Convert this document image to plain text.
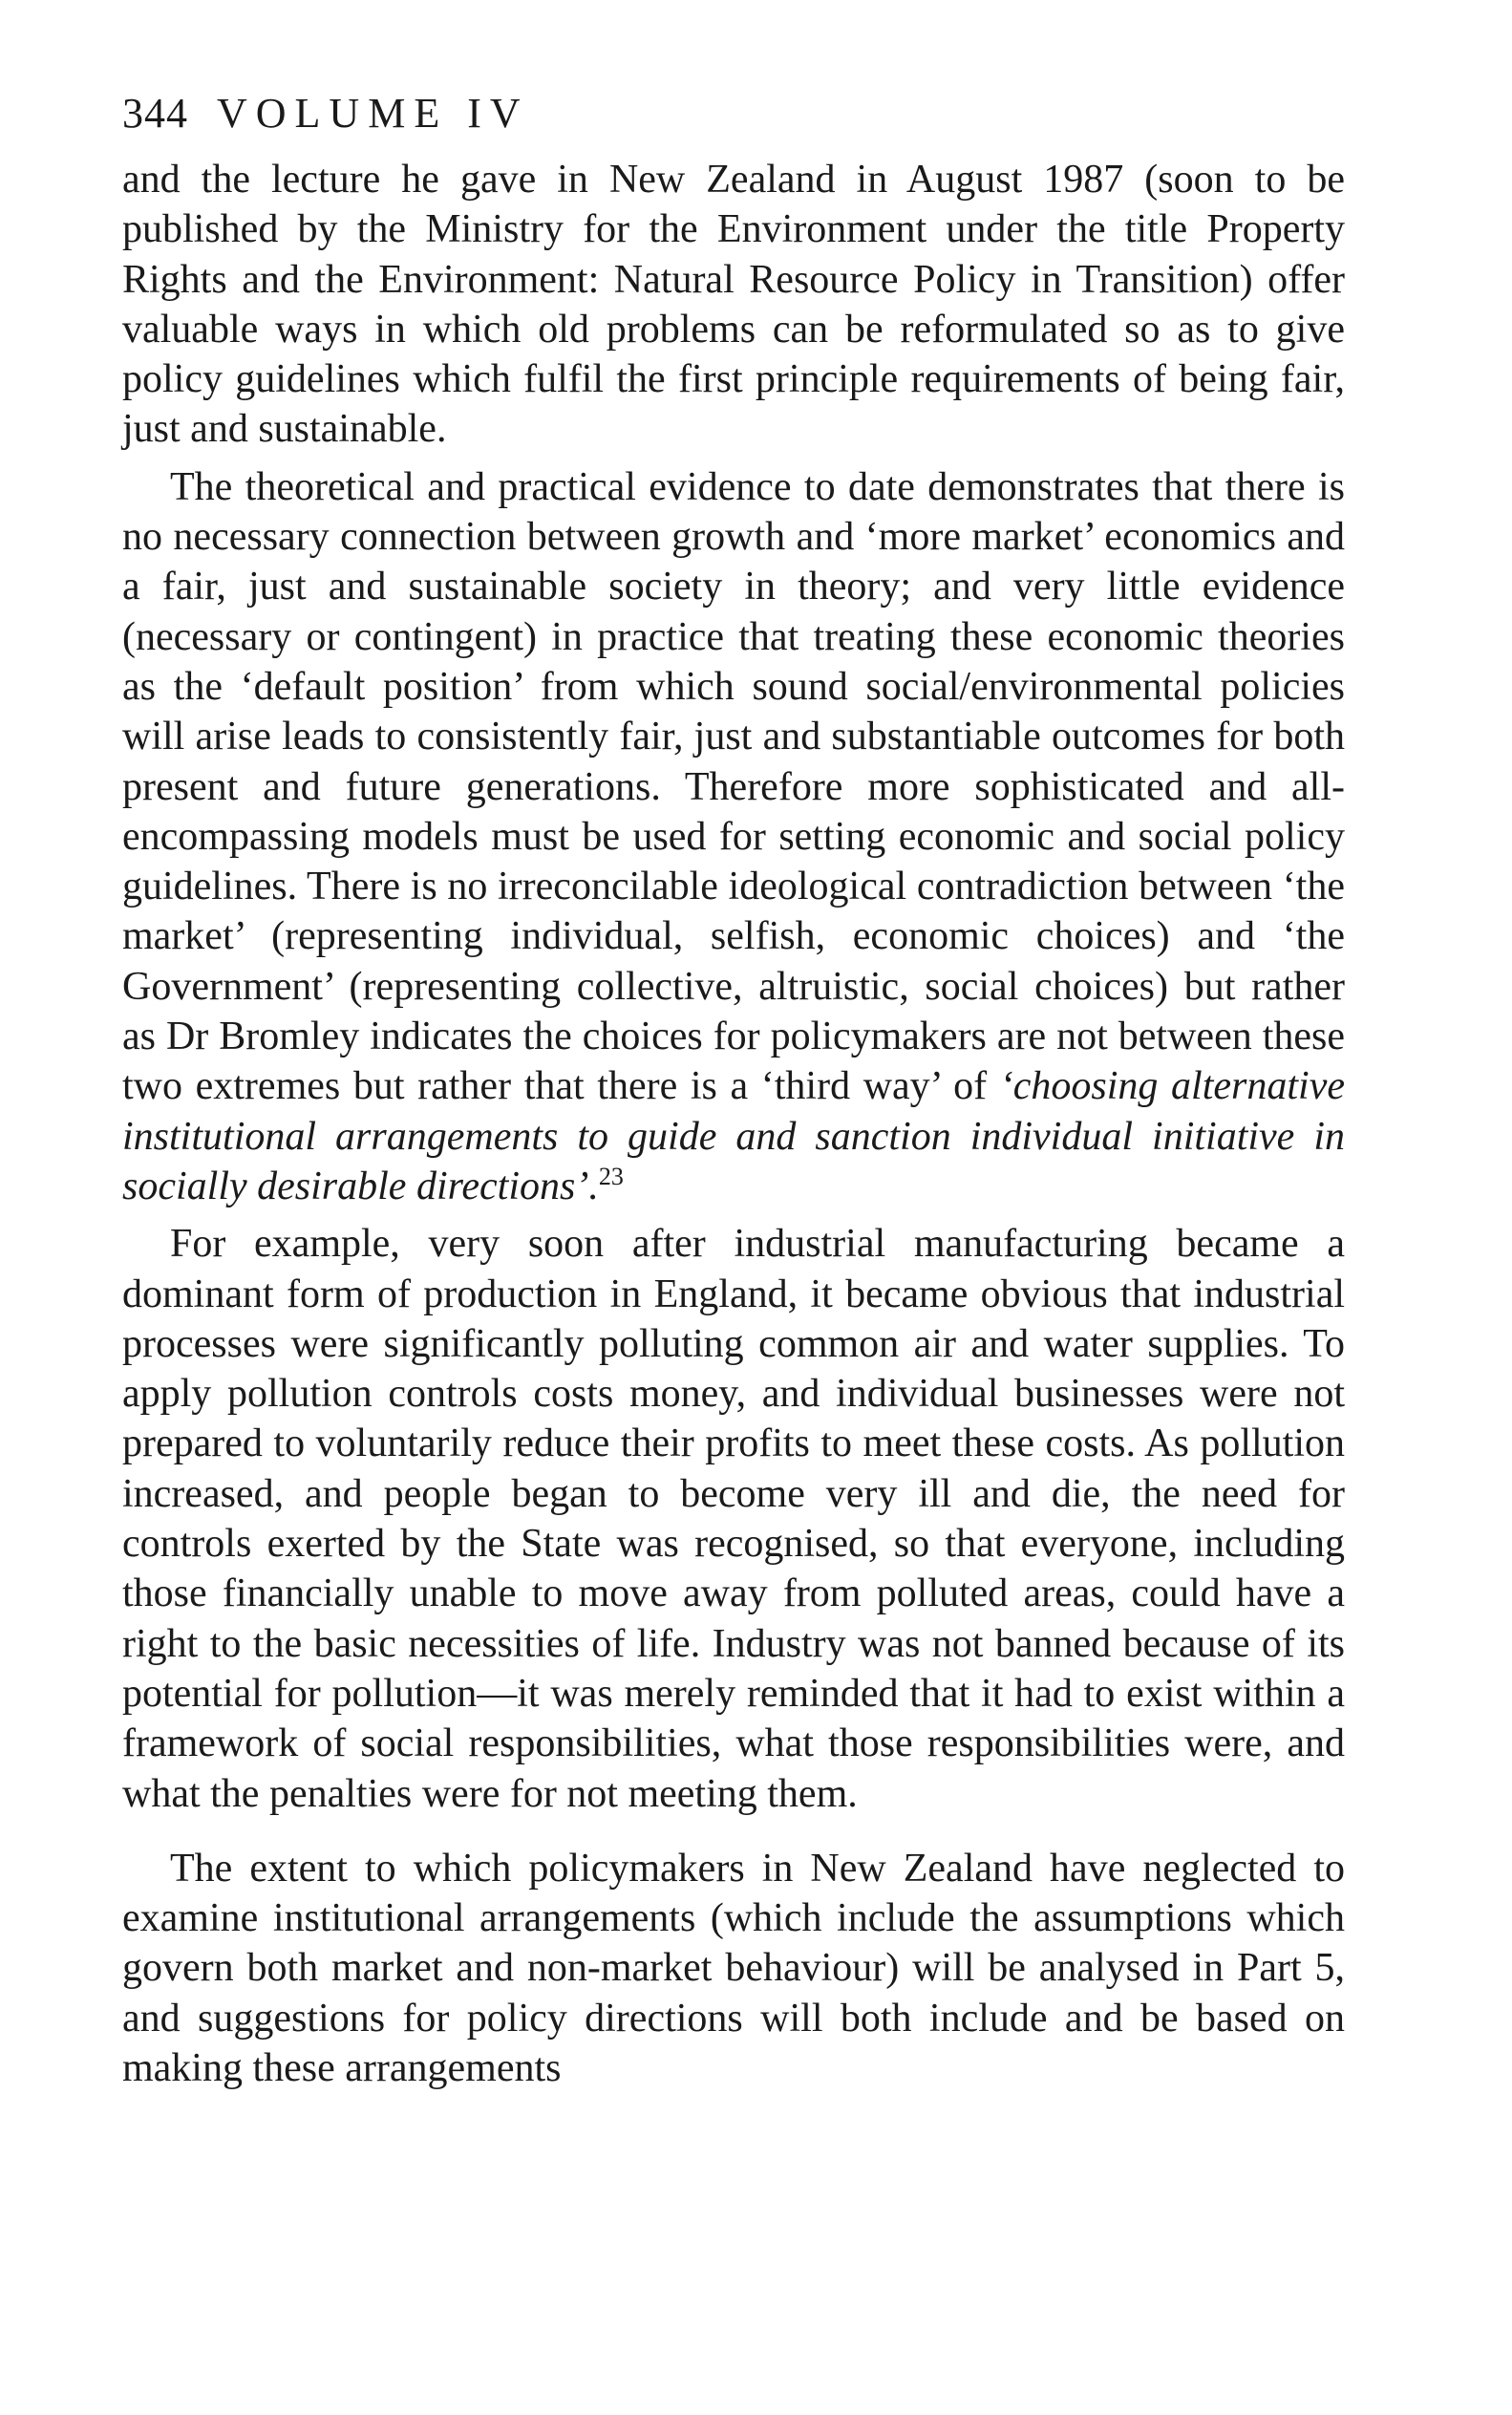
344 VOLUME IV

and the lecture he gave in New Zealand in August 1987 (soon to be published by the Ministry for the Environment under the title Property Rights and the Environment: Natural Resource Policy in Transition) offer valuable ways in which old problems can be reformulated so as to give policy guidelines which fulfil the first principle requirements of being fair, just and sustainable.

The theoretical and practical evidence to date demonstrates that there is no necessary connection between growth and ‘more market’ economics and a fair, just and sustainable society in theory; and very little evidence (necessary or contingent) in practice that treating these economic theories as the ‘default position’ from which sound social/environmental policies will arise leads to consistently fair, just and substantiable outcomes for both present and future generations. Therefore more sophisticated and all-encompassing models must be used for setting economic and social policy guidelines. There is no irreconcilable ideological contradiction between ‘the market’ (representing individual, selfish, economic choices) and ‘the Government’ (representing collective, altruistic, social choices) but rather as Dr Bromley indicates the choices for policymakers are not between these two extremes but rather that there is a ‘third way’ of ‘choosing alternative institutional arrangements to guide and sanction individual initiative in socially desirable directions’.$^{23}$

For example, very soon after industrial manufacturing became a dominant form of production in England, it became obvious that industrial processes were significantly polluting common air and water supplies. To apply pollution controls costs money, and individual businesses were not prepared to voluntarily reduce their profits to meet these costs. As pollution increased, and people began to become very ill and die, the need for controls exerted by the State was recognised, so that everyone, including those financially unable to move away from polluted areas, could have a right to the basic necessities of life. Industry was not banned because of its potential for pollution—it was merely reminded that it had to exist within a framework of social responsibilities, what those responsibilities were, and what the penalties were for not meeting them.

The extent to which policymakers in New Zealand have neglected to examine institutional arrangements (which include the assumptions which govern both market and non-market behaviour) will be analysed in Part 5, and suggestions for policy directions will both include and be based on making these arrangements
